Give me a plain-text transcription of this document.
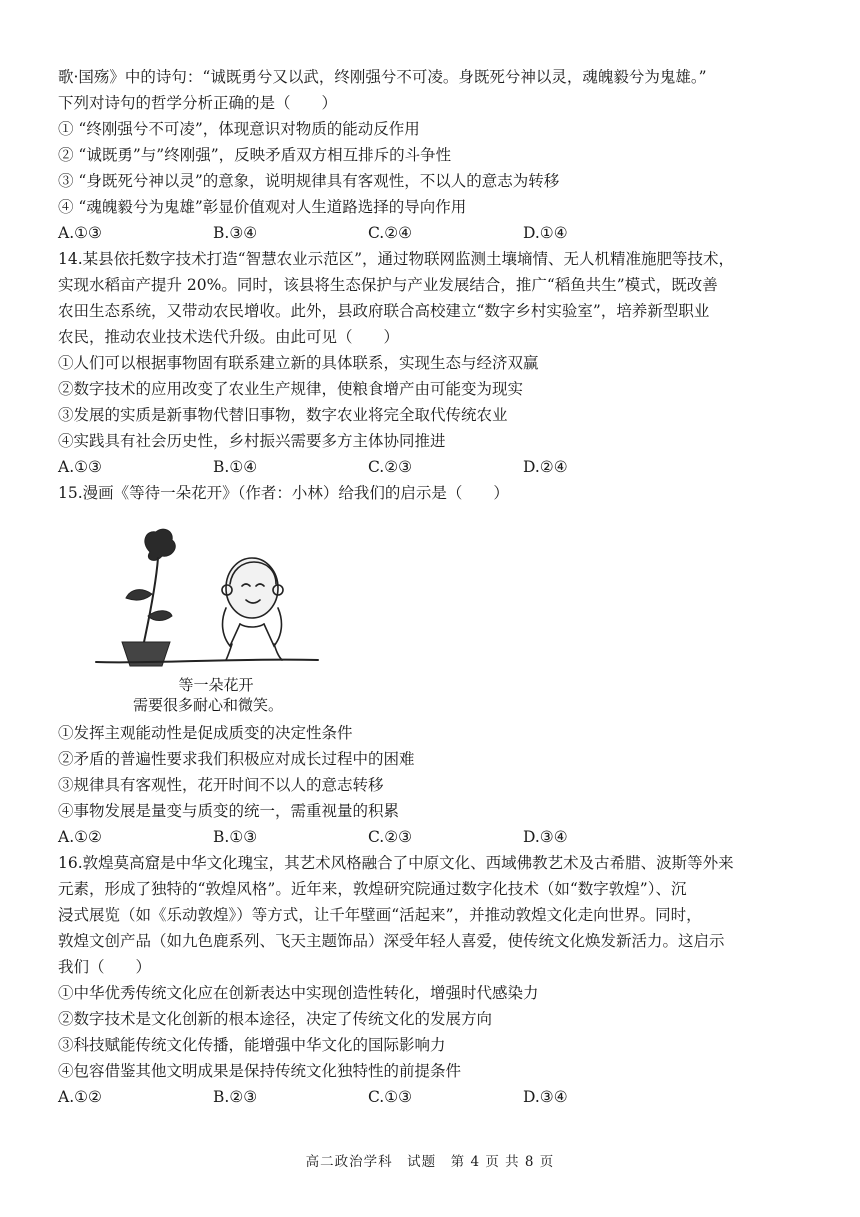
歌·国殇》中的诗句：“诚既勇兮又以武，终刚强兮不可凌。身既死兮神以灵，魂魄毅兮为鬼雄。”
下列对诗句的哲学分析正确的是（　　）
① “终刚强兮不可凌”，体现意识对物质的能动反作用
② “诚既勇”与”终刚强”，反映矛盾双方相互排斥的斗争性
③ “身既死兮神以灵”的意象，说明规律具有客观性，不以人的意志为转移
④ “魂魄毅兮为鬼雄”彰显价值观对人生道路选择的导向作用
A.①③	B.③④	C.②④	D.①④
14.某县依托数字技术打造“智慧农业示范区”，通过物联网监测土壤墒情、无人机精准施肥等技术，
实现水稻亩产提升 20%。同时，该县将生态保护与产业发展结合，推广“稻鱼共生”模式，既改善
农田生态系统，又带动农民增收。此外，县政府联合高校建立“数字乡村实验室”，培养新型职业
农民，推动农业技术迭代升级。由此可见（　　）
①人们可以根据事物固有联系建立新的具体联系，实现生态与经济双赢
②数字技术的应用改变了农业生产规律，使粮食增产由可能变为现实
③发展的实质是新事物代替旧事物，数字农业将完全取代传统农业
④实践具有社会历史性，乡村振兴需要多方主体协同推进
A.①③	B.①④	C.②③	D.②④
15.漫画《等待一朵花开》（作者：小林）给我们的启示是（　　）
等一朵花开
需要很多耐心和微笑。
①发挥主观能动性是促成质变的决定性条件
②矛盾的普遍性要求我们积极应对成长过程中的困难
③规律具有客观性，花开时间不以人的意志转移
④事物发展是量变与质变的统一，需重视量的积累
A.①②	B.①③	C.②③	D.③④
16.敦煌莫高窟是中华文化瑰宝，其艺术风格融合了中原文化、西域佛教艺术及古希腊、波斯等外来
元素，形成了独特的“敦煌风格”。近年来，敦煌研究院通过数字化技术（如“数字敦煌”）、沉
浸式展览（如《乐动敦煌》）等方式，让千年壁画“活起来”，并推动敦煌文化走向世界。同时，
敦煌文创产品（如九色鹿系列、飞天主题饰品）深受年轻人喜爱，使传统文化焕发新活力。这启示
我们（　　）
①中华优秀传统文化应在创新表达中实现创造性转化，增强时代感染力
②数字技术是文化创新的根本途径，决定了传统文化的发展方向
③科技赋能传统文化传播，能增强中华文化的国际影响力
④包容借鉴其他文明成果是保持传统文化独特性的前提条件
A.①②	B.②③	C.①③	D.③④
高二政治学科　试题　第 4 页 共 8 页
